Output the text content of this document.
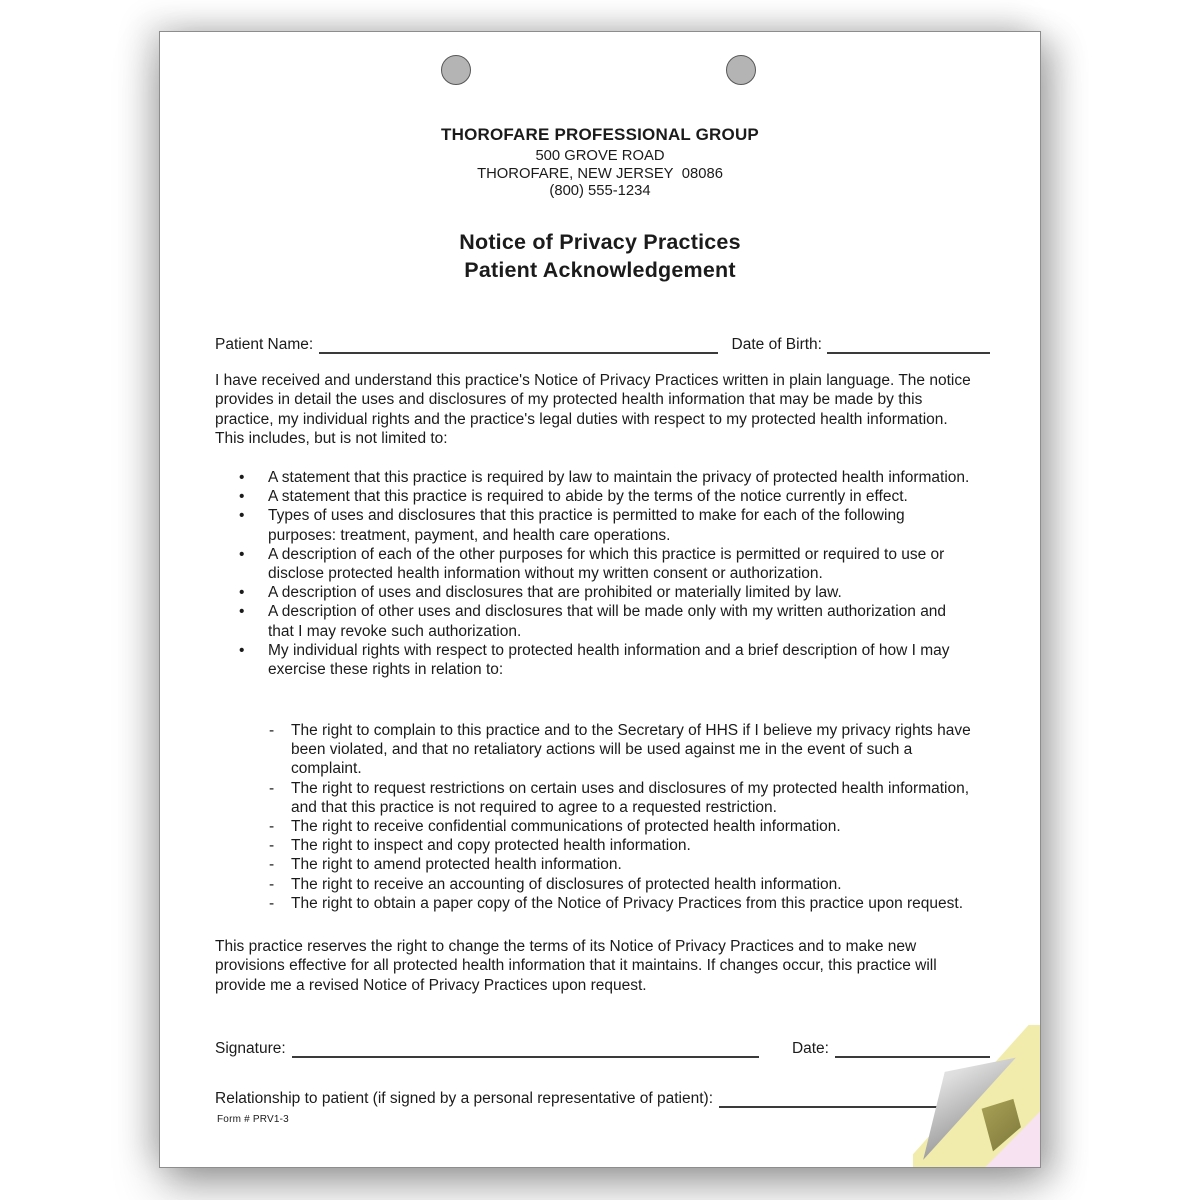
THOROFARE PROFESSIONAL GROUP
500 GROVE ROAD
THOROFARE, NEW JERSEY  08086
(800) 555-1234
Notice of Privacy Practices
Patient Acknowledgement
Patient Name:	Date of Birth:

I have received and understand this practice's Notice of Privacy Practices written in plain language. The notice provides in detail the uses and disclosures of my protected health information that may be made by this practice, my individual rights and the practice's legal duties with respect to my protected health information.  This includes, but is not limited to:

• A statement that this practice is required by law to maintain the privacy of protected health information.
• A statement that this practice is required to abide by the terms of the notice currently in effect.
• Types of uses and disclosures that this practice is permitted to make for each of the following purposes: treatment, payment, and health care operations.
• A description of each of the other purposes for which this practice is permitted or required to use or disclose protected health information without my written consent or authorization.
• A description of uses and disclosures that are prohibited or materially limited by law.
• A description of other uses and disclosures that will be made only with my written authorization and that I may revoke such authorization.
• My individual rights with respect to protected health information and a brief description of how I may exercise these rights in relation to:
- The right to complain to this practice and to the Secretary of HHS if I believe my privacy rights have been violated, and that no retaliatory actions will be used against me in the event of such a complaint.
- The right to request restrictions on certain uses and disclosures of my protected health information, and that this practice is not required to agree to a requested restriction.
- The right to receive confidential communications of protected health information.
- The right to inspect and copy protected health information.
- The right to amend protected health information.
- The right to receive an accounting of disclosures of protected health information.
- The right to obtain a paper copy of the Notice of Privacy Practices from this practice upon request.

This practice reserves the right to change the terms of its Notice of Privacy Practices and to make new provisions effective for all protected health information that it maintains. If changes occur, this practice will provide me a revised Notice of Privacy Practices upon request.

Signature:	Date:
Relationship to patient (if signed by a personal representative of patient):
Form # PRV1-3
